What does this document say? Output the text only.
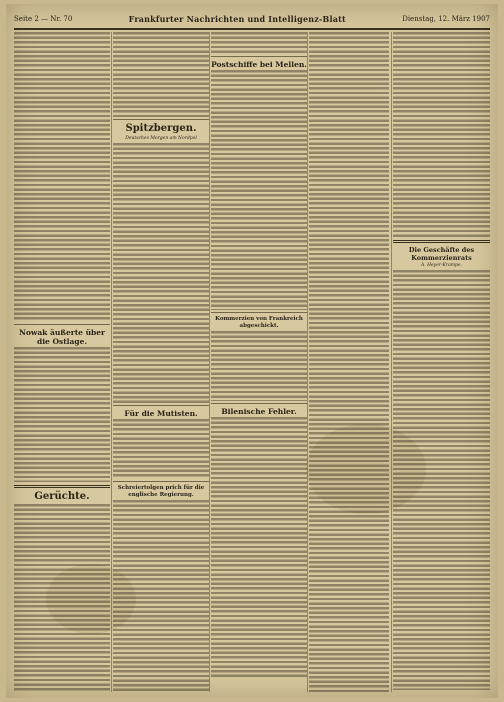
Seite 2 — Nr. 70	Frankfurter Nachrichten und Intelligenz-Blatt	Dienstag, 12. März 1907
Nowak äußerte über die Ostlage.
Gerüchte.
Spitzbergen.
Deutsches Morgen am Nordpol
Für die Mutisten.
Schreiertolgen prich für die englische Regierung.
Postschiffe bei Mellen.
Kommerzien von Frankreich abgeschickt.
Bilenische Fehler.
Die Geschäfte des Kommerzienrats
A. Heyer-Krampe.
